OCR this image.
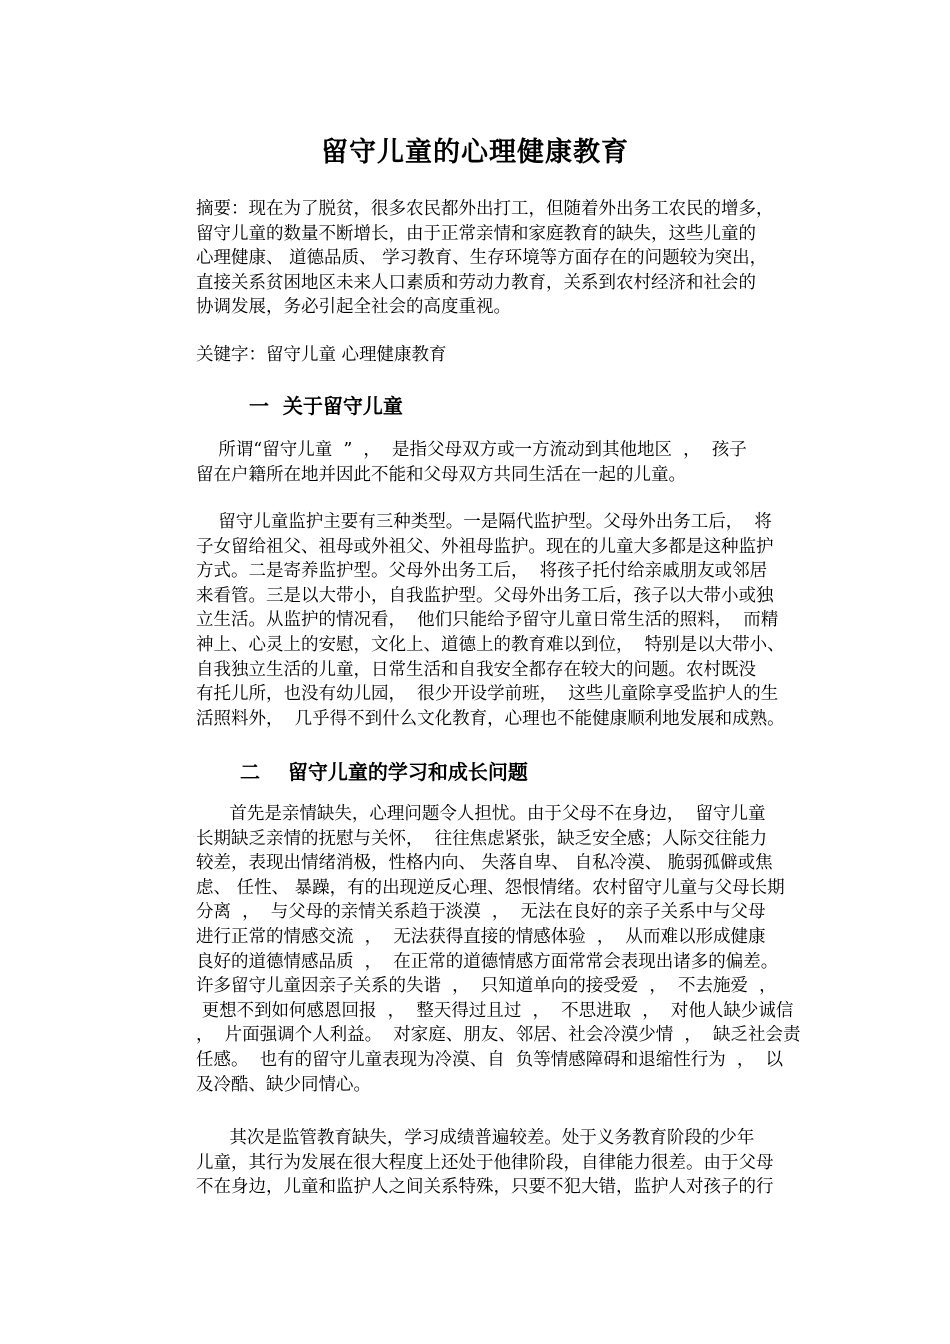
留守儿童的心理健康教育
摘要：现在为了脱贫，很多农民都外出打工，但随着外出务工农民的增多，
留守儿童的数量不断增长，由于正常亲情和家庭教育的缺失，这些儿童的
心理健康、 道德品质、 学习教育、生存环境等方面存在的问题较为突出，
直接关系贫困地区未来人口素质和劳动力教育，关系到农村经济和社会的
协调发展，务必引起全社会的高度重视。
关键字：留守儿童 心理健康教育
一  关于留守儿童
所谓“留守儿童  ”  ，  是指父母双方或一方流动到其他地区  ，  孩子
留在户籍所在地并因此不能和父母双方共同生活在一起的儿童。
留守儿童监护主要有三种类型。一是隔代监护型。父母外出务工后，  将
子女留给祖父、祖母或外祖父、外祖母监护。现在的儿童大多都是这种监护
方式。二是寄养监护型。父母外出务工后，  将孩子托付给亲戚朋友或邻居
来看管。三是以大带小，自我监护型。父母外出务工后，孩子以大带小或独
立生活。从监护的情况看，  他们只能给予留守儿童日常生活的照料，  而精
神上、心灵上的安慰，文化上、道德上的教育难以到位，  特别是以大带小、
自我独立生活的儿童，日常生活和自我安全都存在较大的问题。农村既没
有托儿所，也没有幼儿园，  很少开设学前班，  这些儿童除享受监护人的生
活照料外，  几乎得不到什么文化教育，心理也不能健康顺利地发展和成熟。
二    留守儿童的学习和成长问题
首先是亲情缺失，心理问题令人担忧。由于父母不在身边，  留守儿童
长期缺乏亲情的抚慰与关怀，  往往焦虑紧张，缺乏安全感；人际交往能力
较差，表现出情绪消极，性格内向、 失落自卑、 自私冷漠、 脆弱孤僻或焦
虑、 任性、 暴躁，有的出现逆反心理、怨恨情绪。农村留守儿童与父母长期
分离  ，  与父母的亲情关系趋于淡漠  ，  无法在良好的亲子关系中与父母
进行正常的情感交流  ，  无法获得直接的情感体验  ，  从而难以形成健康
良好的道德情感品质  ，  在正常的道德情感方面常常会表现出诸多的偏差。
许多留守儿童因亲子关系的失谐  ，  只知道单向的接受爱  ，  不去施爱  ，
更想不到如何感恩回报  ，  整天得过且过  ，  不思进取  ，  对他人缺少诚信
，  片面强调个人利益。  对家庭、朋友、邻居、社会冷漠少情  ，  缺乏社会责
任感。  也有的留守儿童表现为冷漠、自  负等情感障碍和退缩性行为  ，  以
及冷酷、缺少同情心。
其次是监管教育缺失，学习成绩普遍较差。处于义务教育阶段的少年
儿童，其行为发展在很大程度上还处于他律阶段，自律能力很差。由于父母
不在身边，儿童和监护人之间关系特殊，只要不犯大错，监护人对孩子的行
